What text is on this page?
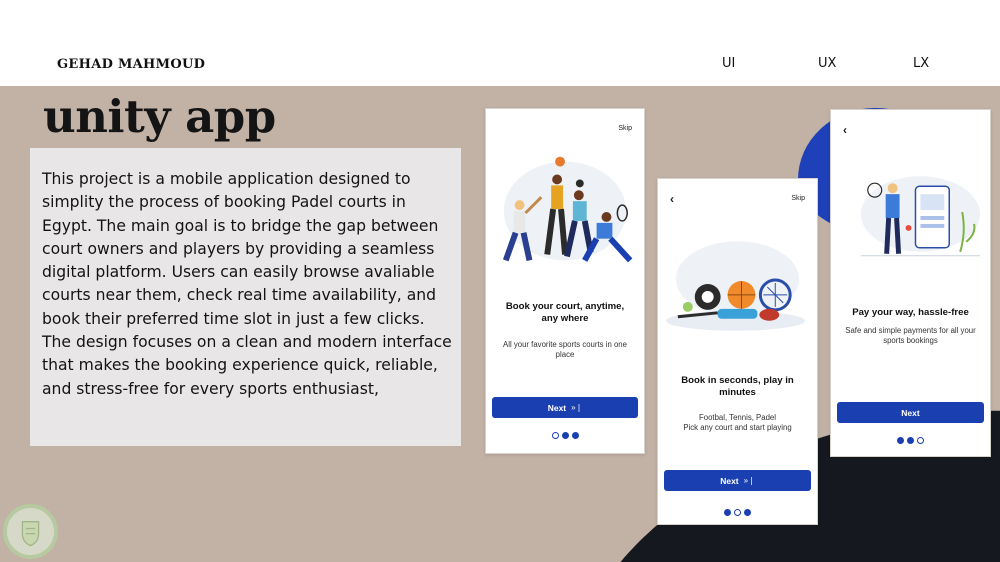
GEHAD MAHMOUD	UI	UX	LX
unity app

This project is a mobile application designed to simplity the process of booking Padel courts in Egypt. The main goal is to bridge the gap between court owners and players by providing a seamless digital platform. Users can easily browse avaliable courts near them, check real time availability, and book their preferred time slot in just a few clicks. The design focuses on a clean and modern interface that makes the booking experience quick, reliable, and stress-free for every sports enthusiast,

Skip
Book your court, anytime, any where
All your favorite sports courts in one place
Next »❘
‹	Skip
Book in seconds, play in minutes
Footbal, Tennis, Padel
Pick any court and start playing
Next »❘
‹
Pay your way, hassle-free
Safe and simple payments for all your sports bookings
Next
